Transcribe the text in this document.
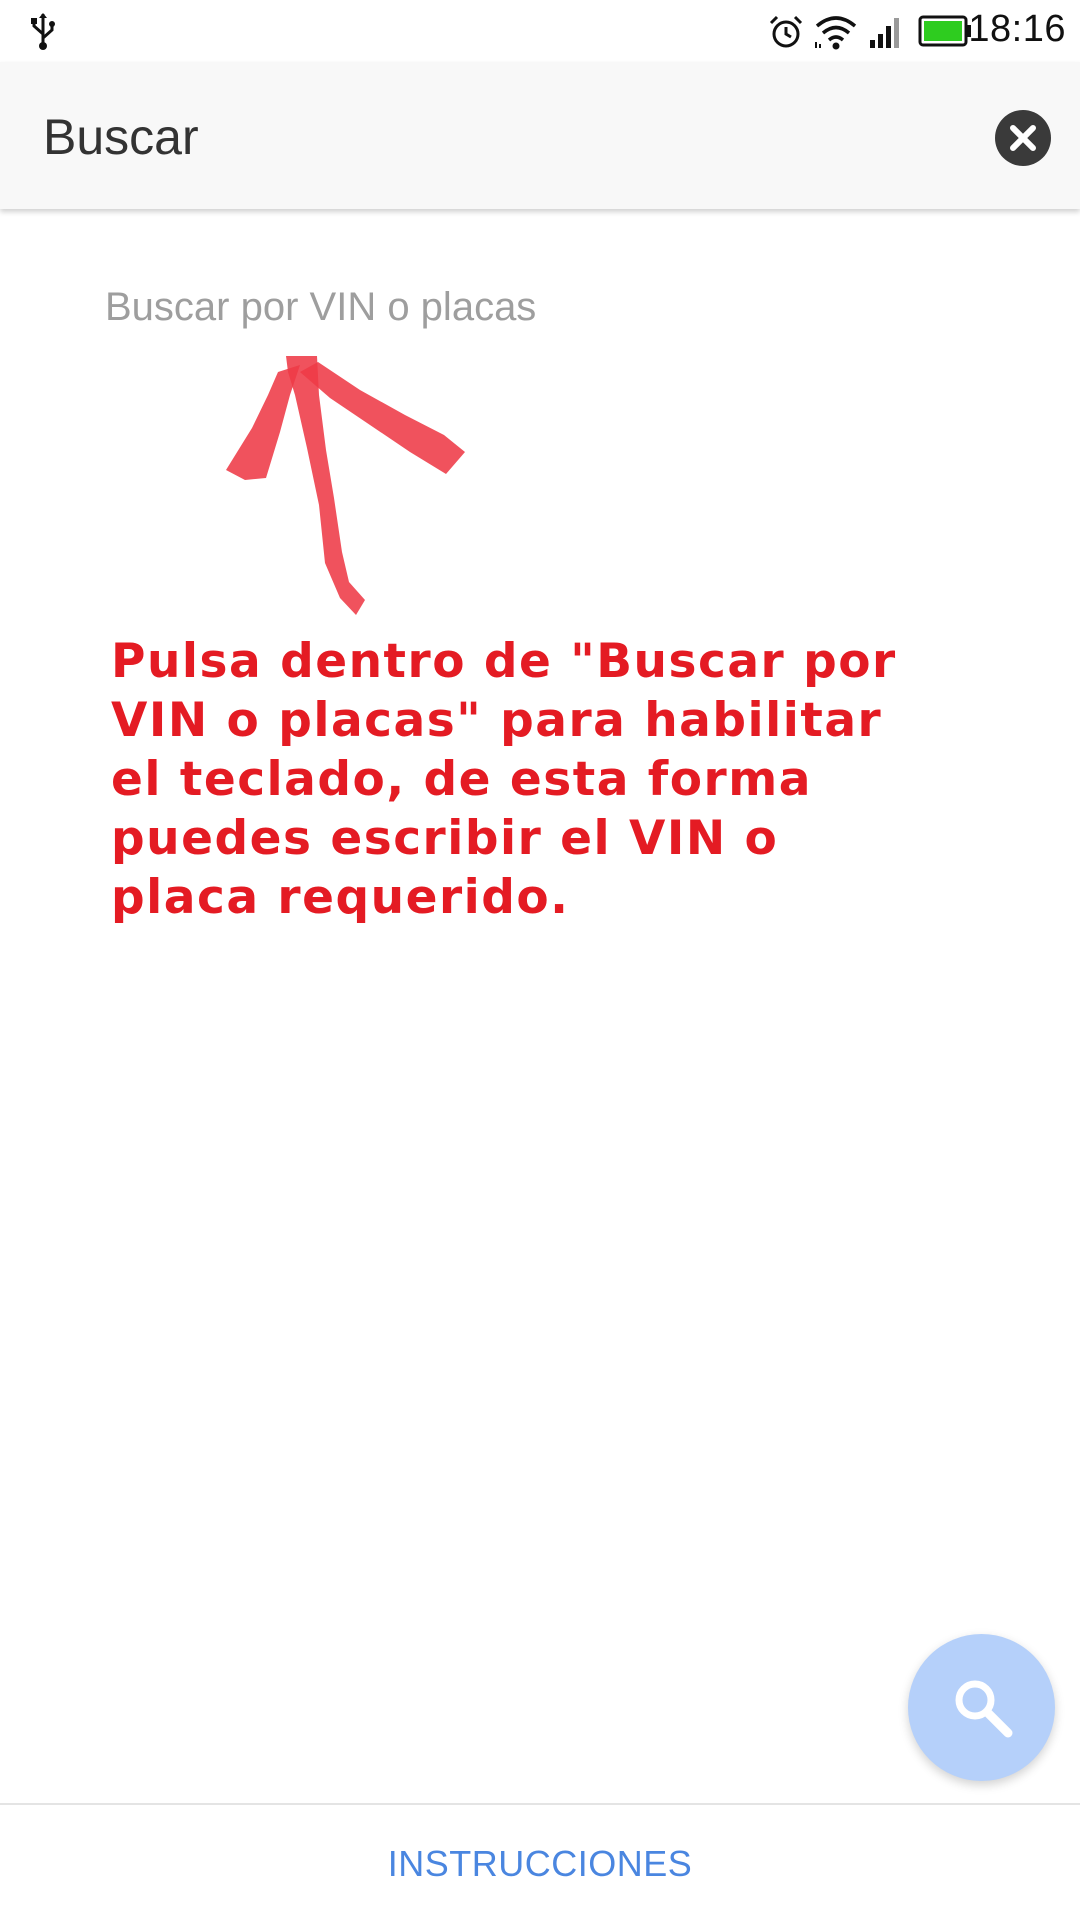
18:16
Buscar
Buscar por VIN o placas
Pulsa dentro de "Buscar por VIN o placas" para habilitar el teclado, de esta forma puedes escribir el VIN o placa requerido.
INSTRUCCIONES
